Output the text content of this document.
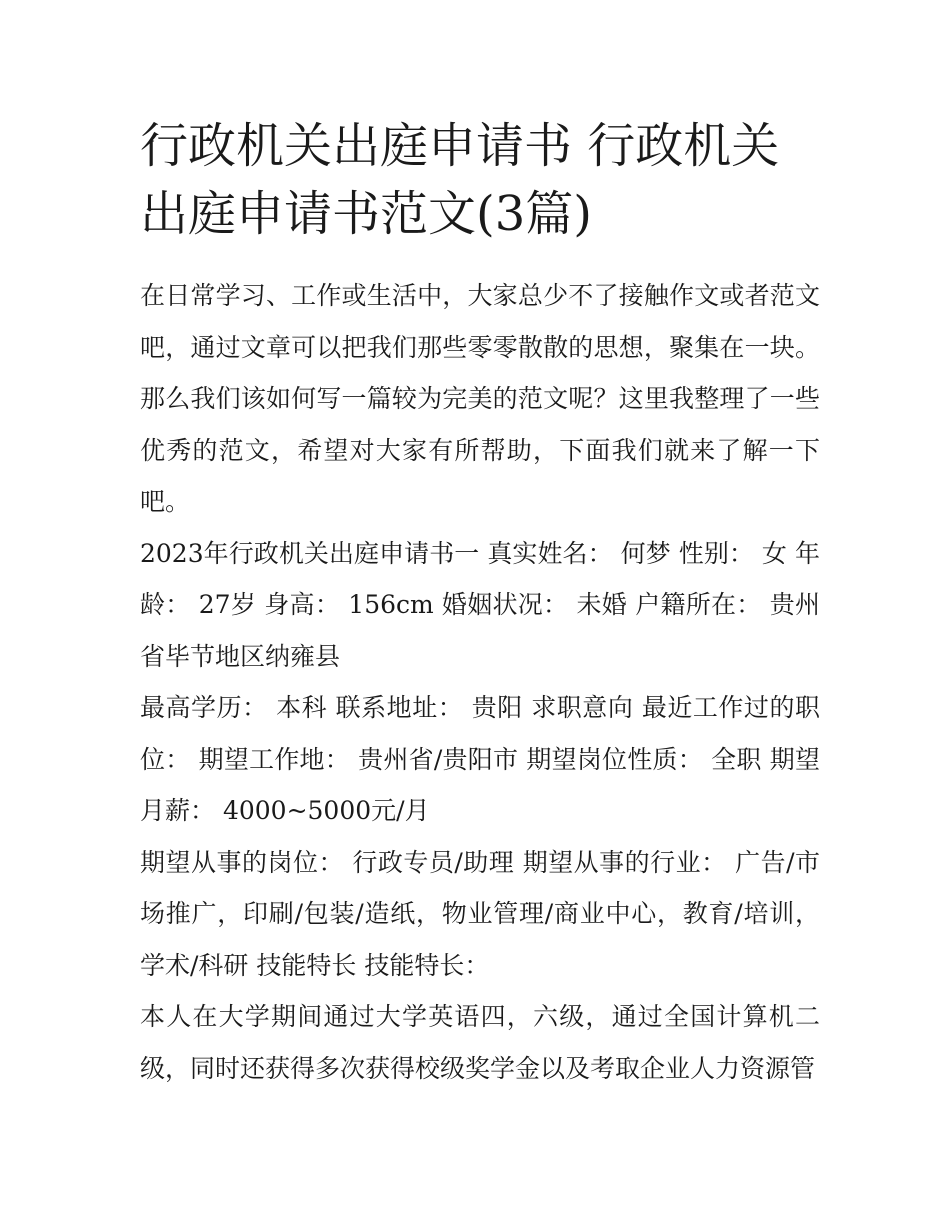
行政机关出庭申请书 行政机关出庭申请书范文(3篇)

在日常学习、工作或生活中，大家总少不了接触作文或者范文吧，通过文章可以把我们那些零零散散的思想，聚集在一块。那么我们该如何写一篇较为完美的范文呢？这里我整理了一些优秀的范文，希望对大家有所帮助，下面我们就来了解一下吧。

2023年行政机关出庭申请书一 真实姓名： 何梦 性别： 女 年龄： 27岁 身高： 156cm 婚姻状况： 未婚 户籍所在： 贵州省毕节地区纳雍县

最高学历： 本科 联系地址： 贵阳 求职意向 最近工作过的职位： 期望工作地： 贵州省/贵阳市 期望岗位性质： 全职 期望月薪： 4000~5000元/月

期望从事的岗位： 行政专员/助理 期望从事的行业： 广告/市场推广，印刷/包装/造纸，物业管理/商业中心，教育/培训，学术/科研 技能特长 技能特长：

本人在大学期间通过大学英语四，六级，通过全国计算机二级，同时还获得多次获得校级奖学金以及考取企业人力资源管
